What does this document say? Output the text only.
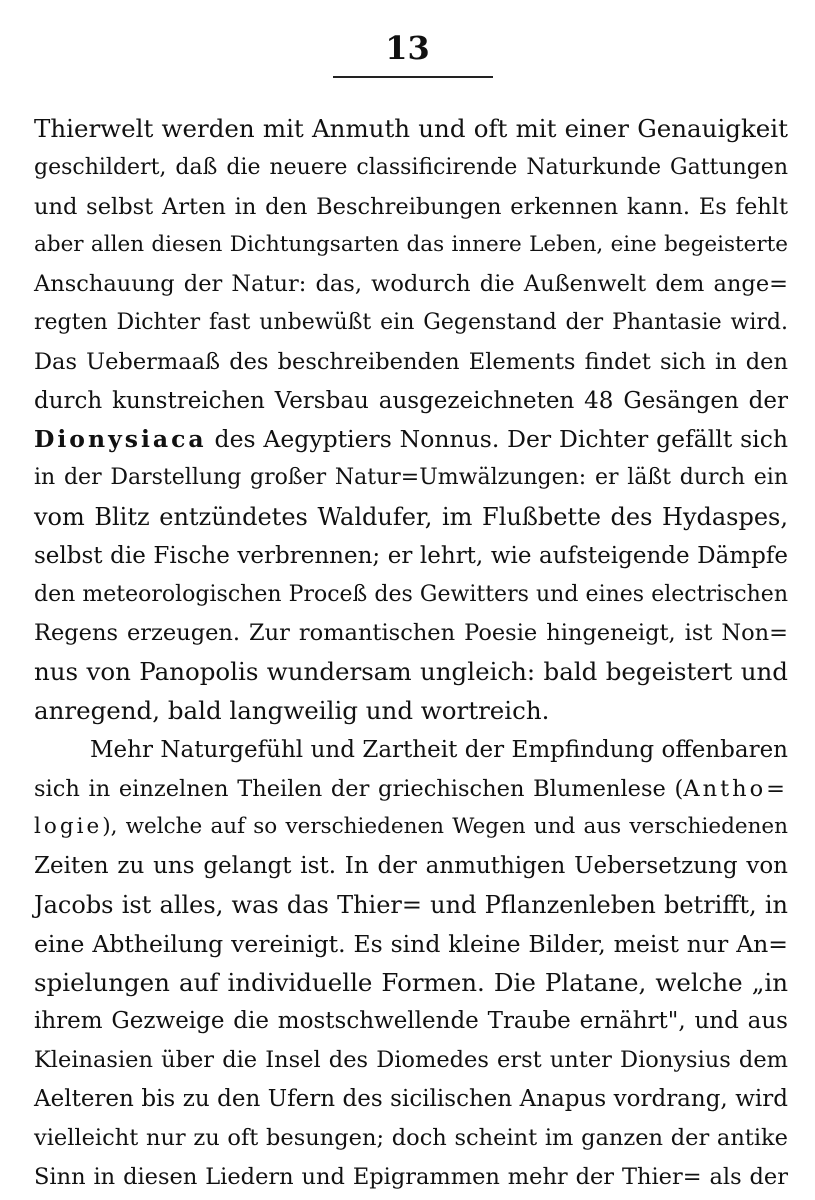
13
Thierwelt werden mit Anmuth und oft mit einer Genauigkeit
geschildert, daß die neuere classificirende Naturkunde Gattungen
und selbst Arten in den Beschreibungen erkennen kann. Es fehlt
aber allen diesen Dichtungsarten das innere Leben, eine begeisterte
Anschauung der Natur: das, wodurch die Außenwelt dem ange=
regten Dichter fast unbewüßt ein Gegenstand der Phantasie wird.
Das Uebermaaß des beschreibenden Elements findet sich in den
durch kunstreichen Versbau ausgezeichneten 48 Gesängen der
Dionysiaca des Aegyptiers Nonnus. Der Dichter gefällt sich
in der Darstellung großer Natur=Umwälzungen: er läßt durch ein
vom Blitz entzündetes Waldufer, im Flußbette des Hydaspes,
selbst die Fische verbrennen; er lehrt, wie aufsteigende Dämpfe
den meteorologischen Proceß des Gewitters und eines electrischen
Regens erzeugen. Zur romantischen Poesie hingeneigt, ist Non=
nus von Panopolis wundersam ungleich: bald begeistert und
anregend, bald langweilig und wortreich.
Mehr Naturgefühl und Zartheit der Empfindung offenbaren
sich in einzelnen Theilen der griechischen Blumenlese (Antho=
logie), welche auf so verschiedenen Wegen und aus verschiedenen
Zeiten zu uns gelangt ist. In der anmuthigen Uebersetzung von
Jacobs ist alles, was das Thier= und Pflanzenleben betrifft, in
eine Abtheilung vereinigt. Es sind kleine Bilder, meist nur An=
spielungen auf individuelle Formen. Die Platane, welche „in
ihrem Gezweige die mostschwellende Traube ernährt", und aus
Kleinasien über die Insel des Diomedes erst unter Dionysius dem
Aelteren bis zu den Ufern des sicilischen Anapus vordrang, wird
vielleicht nur zu oft besungen; doch scheint im ganzen der antike
Sinn in diesen Liedern und Epigrammen mehr der Thier= als der
